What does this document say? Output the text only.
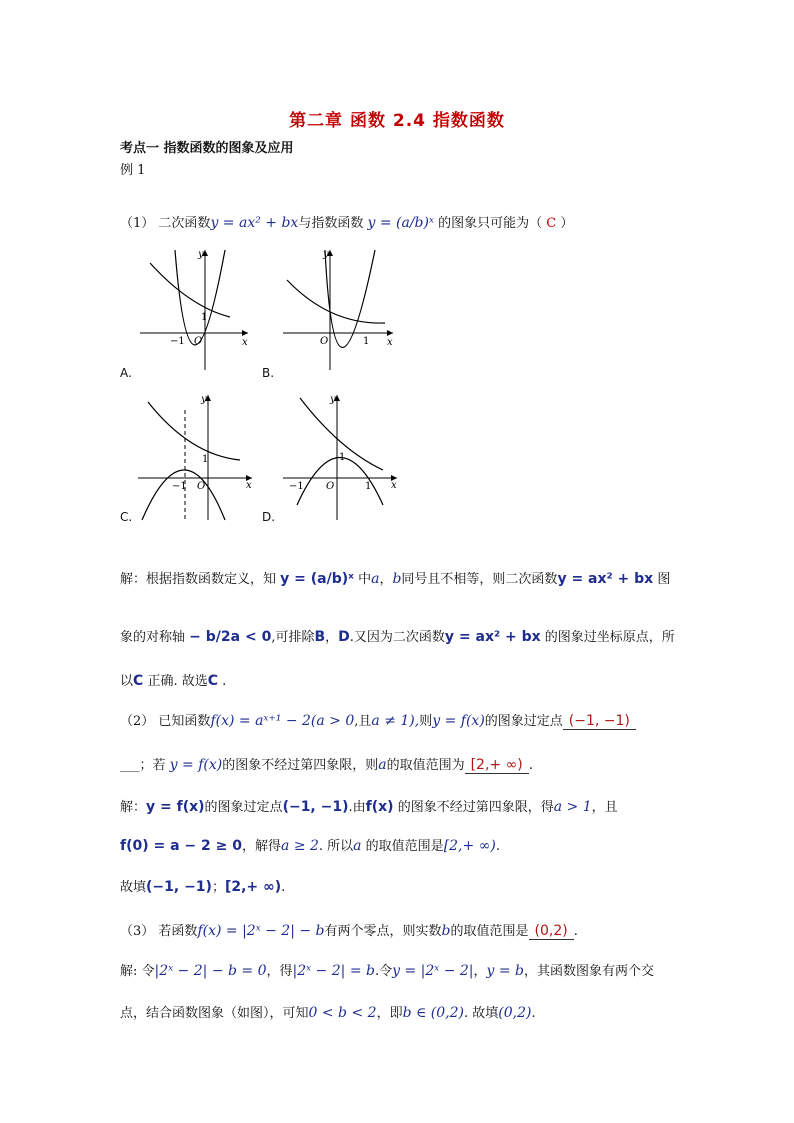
第二章 函数 2.4 指数函数
考点一 指数函数的图象及应用
例 1
（1） 二次函数y = ax² + bx与指数函数 y = (a/b)ˣ 的图象只可能为（ C ）
y
x
−1 O
1
A.
y
x
O	1
B.
y
x
−1 O
1
C.
y
x
−1 O	1
1
D.
解：根据指数函数定义，知 y = (a/b)ˣ 中a，b同号且不相等，则二次函数y = ax² + bx 图
象的对称轴 − b/2a < 0,可排除B，D.又因为二次函数y = ax² + bx 的图象过坐标原点，所
以C 正确. 故选C .
（2） 已知函数f(x) = aˣ⁺¹ − 2(a > 0,且a ≠ 1),则y = f(x)的图象过定点 (−1, −1)
___；若 y = f(x)的图象不经过第四象限，则a的取值范围为 [2,+ ∞) .
解：y = f(x)的图象过定点(−1, −1).由f(x) 的图象不经过第四象限，得a > 1，且
f(0) = a − 2 ≥ 0，解得a ≥ 2. 所以a 的取值范围是[2,+ ∞).
故填(−1, −1)；[2,+ ∞).
（3） 若函数f(x) = |2ˣ − 2| − b有两个零点，则实数b的取值范围是 (0,2) .
解: 令|2ˣ − 2| − b = 0，得|2ˣ − 2| = b.令y = |2ˣ − 2|，y = b，其函数图象有两个交
点，结合函数图象（如图），可知0 < b < 2，即b ∈ (0,2). 故填(0,2).
